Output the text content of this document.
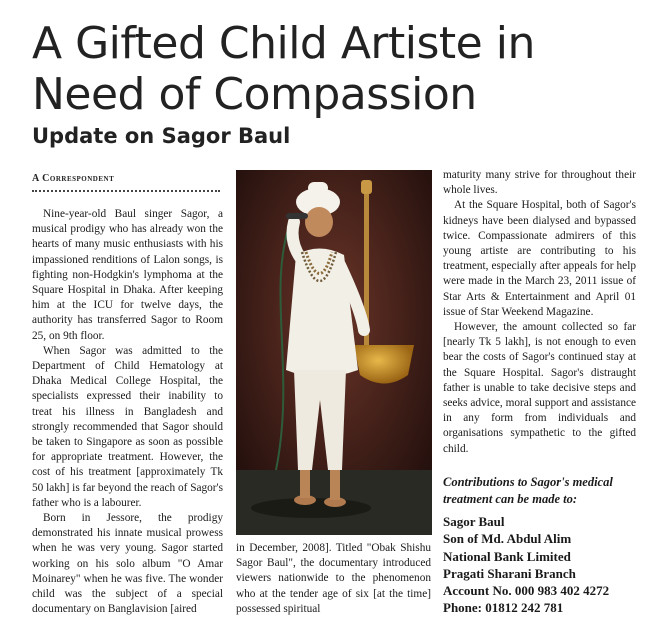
A Gifted Child Artiste in Need of Compassion
Update on Sagor Baul
A Correspondent

Nine-year-old Baul singer Sagor, a musical prodigy who has already won the hearts of many music enthusiasts with his impassioned renditions of Lalon songs, is fighting non-Hodgkin's lymphoma at the Square Hospital in Dhaka. After keeping him at the ICU for twelve days, the authority has transferred Sagor to Room 25, on 9th floor.

When Sagor was admitted to the Department of Child Hematology at Dhaka Medical College Hospital, the specialists expressed their inability to treat his illness in Bangladesh and strongly recommended that Sagor should be taken to Singapore as soon as possible for appropriate treatment. However, the cost of his treatment [approximately Tk 50 lakh] is far beyond the reach of Sagor's father who is a labourer.

Born in Jessore, the prodigy demonstrated his innate musical prowess when he was very young. Sagor started working on his solo album "O Amar Moinarey" when he was five. The wonder child was the subject of a special documentary on Banglavision [aired

in December, 2008]. Titled "Obak Shishu Sagor Baul", the documentary introduced viewers nationwide to the phenomenon who at the tender age of six [at the time] possessed spiritual

maturity many strive for throughout their whole lives.

At the Square Hospital, both of Sagor's kidneys have been dialysed and bypassed twice. Compassionate admirers of this young artiste are contributing to his treatment, especially after appeals for help were made in the March 23, 2011 issue of Star Arts & Entertainment and April 01 issue of Star Weekend Magazine.

However, the amount collected so far [nearly Tk 5 lakh], is not enough to even bear the costs of Sagor's continued stay at the Square Hospital. Sagor's distraught father is unable to take decisive steps and seeks advice, moral support and assistance in any form from individuals and organisations sympathetic to the gifted child.

Contributions to Sagor's medical treatment can be made to:
Sagor Baul
Son of Md. Abdul Alim
National Bank Limited
Pragati Sharani Branch
Account No. 000 983 402 4272
Phone: 01812 242 781
